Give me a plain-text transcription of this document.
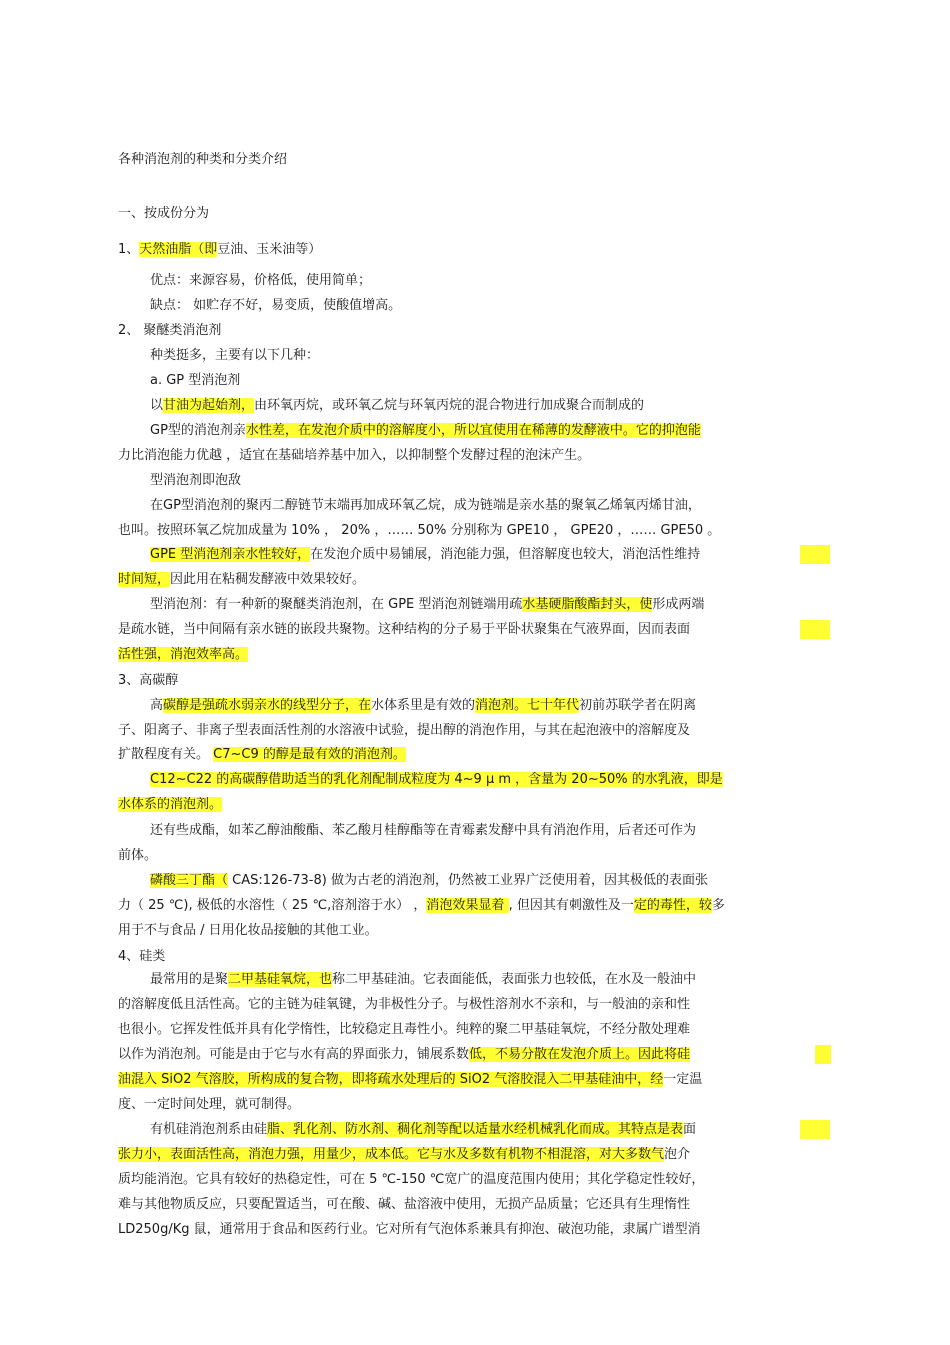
各种消泡剂的种类和分类介绍
一、按成份分为
1、天然油脂（即豆油、玉米油等）
优点：来源容易，价格低，使用简单；
缺点： 如贮存不好，易变质，使酸值增高。
2、 聚醚类消泡剂
种类挺多，主要有以下几种：
a. GP 型消泡剂
以甘油为起始剂，由环氧丙烷，或环氧乙烷与环氧丙烷的混合物进行加成聚合而制成的
GP型的消泡剂亲水性差，在发泡介质中的溶解度小，所以宜使用在稀薄的发酵液中。它的抑泡能
力比消泡能力优越 ，适宜在基础培养基中加入，以抑制整个发酵过程的泡沫产生。
型消泡剂即泡敌
在GP型消泡剂的聚丙二醇链节末端再加成环氧乙烷，成为链端是亲水基的聚氧乙烯氧丙烯甘油，
也叫。按照环氧乙烷加成量为 10% ， 20% ，…… 50% 分别称为 GPE10 ， GPE20 ，…… GPE50 。
GPE 型消泡剂亲水性较好，在发泡介质中易铺展，消泡能力强，但溶解度也较大，消泡活性维持
时间短，因此用在粘稠发酵液中效果较好。
型消泡剂：有一种新的聚醚类消泡剂，在 GPE 型消泡剂链端用疏水基硬脂酸酯封头，使形成两端
是疏水链，当中间隔有亲水链的嵌段共聚物。这种结构的分子易于平卧状聚集在气液界面，因而表面
活性强，消泡效率高。
3、高碳醇
高碳醇是强疏水弱亲水的线型分子，在水体系里是有效的消泡剂。七十年代初前苏联学者在阴离
子、阳离子、非离子型表面活性剂的水溶液中试验，提出醇的消泡作用，与其在起泡液中的溶解度及
扩散程度有关。 C7~C9 的醇是最有效的消泡剂。
C12~C22 的高碳醇借助适当的乳化剂配制成粒度为 4~9 μ m ，含量为 20~50% 的水乳液，即是
水体系的消泡剂。
还有些成酯，如苯乙醇油酸酯、苯乙酸月桂醇酯等在青霉素发酵中具有消泡作用，后者还可作为
前体。
磷酸三丁酯（ CAS:126-73-8) 做为古老的消泡剂，仍然被工业界广泛使用着，因其极低的表面张
力（ 25 ℃), 极低的水溶性（ 25 ℃,溶剂溶于水） ，消泡效果显着 , 但因其有刺激性及一定的毒性，较多
用于不与食品 / 日用化妆品接触的其他工业。
4、硅类
最常用的是聚二甲基硅氧烷，也称二甲基硅油。它表面能低，表面张力也较低，在水及一般油中
的溶解度低且活性高。它的主链为硅氧键，为非极性分子。与极性溶剂水不亲和，与一般油的亲和性
也很小。它挥发性低并具有化学惰性，比较稳定且毒性小。纯粹的聚二甲基硅氧烷，不经分散处理难
以作为消泡剂。可能是由于它与水有高的界面张力，铺展系数低，不易分散在发泡介质上。因此将硅
油混入 SiO2 气溶胶，所构成的复合物，即将疏水处理后的 SiO2 气溶胶混入二甲基硅油中，经一定温
度、一定时间处理，就可制得。
有机硅消泡剂系由硅脂、乳化剂、防水剂、稠化剂等配以适量水经机械乳化而成。其特点是表面
张力小，表面活性高，消泡力强，用量少，成本低。它与水及多数有机物不相混溶，对大多数气泡介
质均能消泡。它具有较好的热稳定性，可在 5 ℃-150 ℃宽广的温度范围内使用；其化学稳定性较好，
难与其他物质反应，只要配置适当，可在酸、碱、盐溶液中使用，无损产品质量；它还具有生理惰性
LD250g/Kg 鼠，通常用于食品和医药行业。它对所有气泡体系兼具有抑泡、破泡功能，隶属广谱型消
